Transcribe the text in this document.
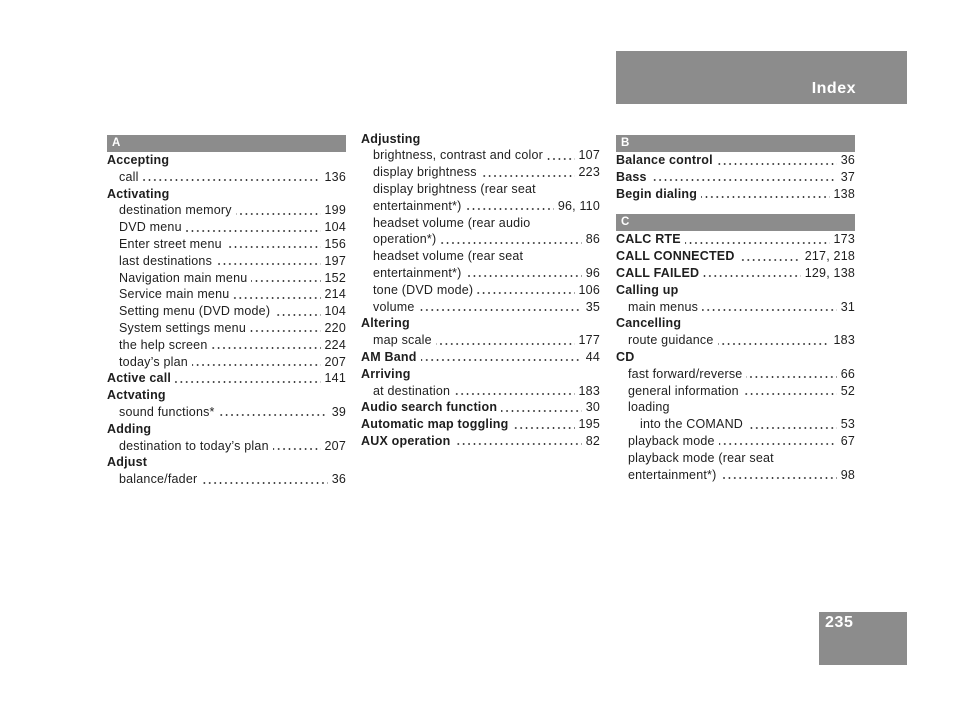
Index
235
A
Accepting
call	136
Activating
destination memory	199
DVD menu	104
Enter street menu	156
last destinations	197
Navigation main menu	152
Service main menu	214
Setting menu (DVD mode)	104
System settings menu	220
the help screen	224
today’s plan	207
Active call	141
Actvating
sound functions*	39
Adding
destination to today’s plan	207
Adjust
balance/fader	36
Adjusting
brightness, contrast and color	107
display brightness	223
display brightness (rear seat
entertainment*)	96, 110
headset volume (rear audio
operation*)	86
headset volume (rear seat
entertainment*)	96
tone (DVD mode)	106
volume	35
Altering
map scale	177
AM Band	44
Arriving
at destination	183
Audio search function	30
Automatic map toggling	195
AUX operation	82
B
Balance control	36
Bass	37
Begin dialing	138
C
CALC RTE	173
CALL CONNECTED	217, 218
CALL FAILED	129, 138
Calling up
main menus	31
Cancelling
route guidance	183
CD
fast forward/reverse	66
general information	52
loading
into the COMAND	53
playback mode	67
playback mode (rear seat
entertainment*)	98
